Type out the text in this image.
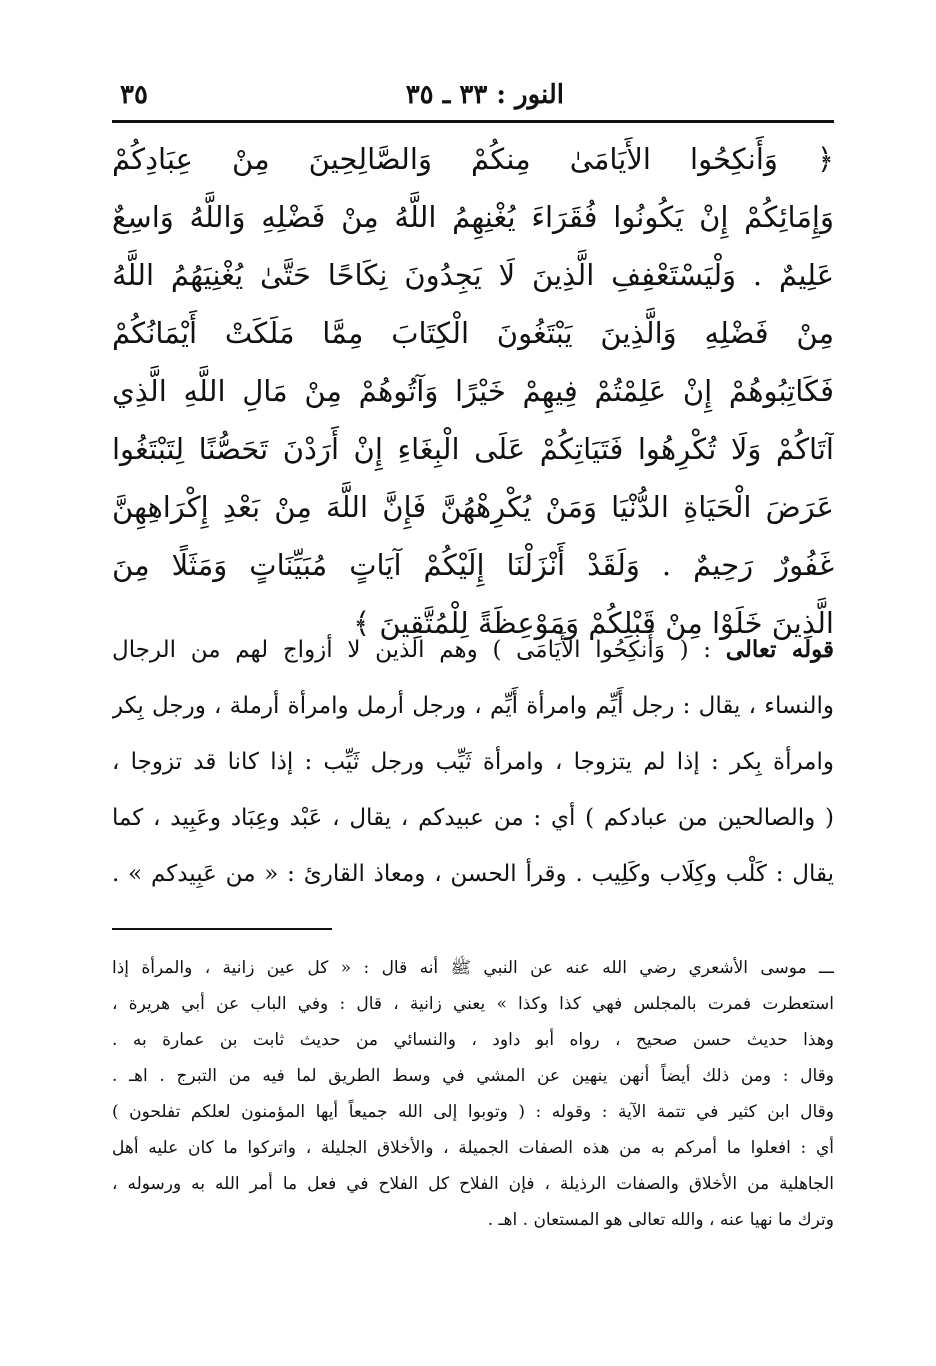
النور : ٣٣ ـ ٣٥
٣٥
﴿ وَأَنكِحُوا الأَيَامَىٰ مِنكُمْ وَالصَّالِحِينَ مِنْ عِبَادِكُمْ
وَإِمَائِكُمْ إِنْ يَكُونُوا فُقَرَاءَ يُغْنِهِمُ اللَّهُ مِنْ فَضْلِهِ وَاللَّهُ وَاسِعٌ
عَلِيمٌ . وَلْيَسْتَعْفِفِ الَّذِينَ لَا يَجِدُونَ نِكَاحًا حَتَّىٰ يُغْنِيَهُمُ اللَّهُ
مِنْ فَضْلِهِ وَالَّذِينَ يَبْتَغُونَ الْكِتَابَ مِمَّا مَلَكَتْ أَيْمَانُكُمْ
فَكَاتِبُوهُمْ إِنْ عَلِمْتُمْ فِيهِمْ خَيْرًا وَآتُوهُمْ مِنْ مَالِ اللَّهِ الَّذِي
آتَاكُمْ وَلَا تُكْرِهُوا فَتَيَاتِكُمْ عَلَى الْبِغَاءِ إِنْ أَرَدْنَ تَحَصُّنًا لِتَبْتَغُوا
عَرَضَ الْحَيَاةِ الدُّنْيَا وَمَنْ يُكْرِهْهُنَّ فَإِنَّ اللَّهَ مِنْ بَعْدِ إِكْرَاهِهِنَّ
غَفُورٌ رَحِيمٌ . وَلَقَدْ أَنْزَلْنَا إِلَيْكُمْ آيَاتٍ مُبَيِّنَاتٍ وَمَثَلًا مِنَ
الَّذِينَ خَلَوْا مِنْ قَبْلِكُمْ وَمَوْعِظَةً لِلْمُتَّقِينَ ﴾
قوله تعالى : ( وَأَنكِحُوا الأَيَامَى ) وهم الذين لا أزواج لهم من الرجال
والنساء ، يقال : رجل أَيِّم وامرأة أَيِّم ، ورجل أرمل وامرأة أرملة ، ورجل بِكر
وامرأة بِكر : إذا لم يتزوجا ، وامرأة ثَيِّب ورجل ثَيِّب : إذا كانا قد تزوجا ،
( والصالحين من عبادكم ) أي : من عبيدكم ، يقال ، عَبْد وعِبَاد وعَبِيد ، كما
يقال : كَلْب وكِلَاب وكَلِيب . وقرأ الحسن ، ومعاذ القارئ : « من عَبِيدكم » .
ـــ موسى الأشعري رضي الله عنه عن النبي ﷺ أنه قال : « كل عين زانية ، والمرأة إذا
استعطرت فمرت بالمجلس فهي كذا وكذا » يعني زانية ، قال : وفي الباب عن أبي هريرة ،
وهذا حديث حسن صحيح ، رواه أبو داود ، والنسائي من حديث ثابت بن عمارة به .
وقال : ومن ذلك أيضاً أنهن ينهين عن المشي في وسط الطريق لما فيه من التبرج . اهـ .
وقال ابن كثير في تتمة الآية : وقوله : ( وتوبوا إلى الله جميعاً أيها المؤمنون لعلكم تفلحون )
أي : افعلوا ما أمركم به من هذه الصفات الجميلة ، والأخلاق الجليلة ، واتركوا ما كان عليه أهل
الجاهلية من الأخلاق والصفات الرذيلة ، فإن الفلاح كل الفلاح في فعل ما أمر الله به ورسوله ،
وترك ما نهيا عنه ، والله تعالى هو المستعان . اهـ .
